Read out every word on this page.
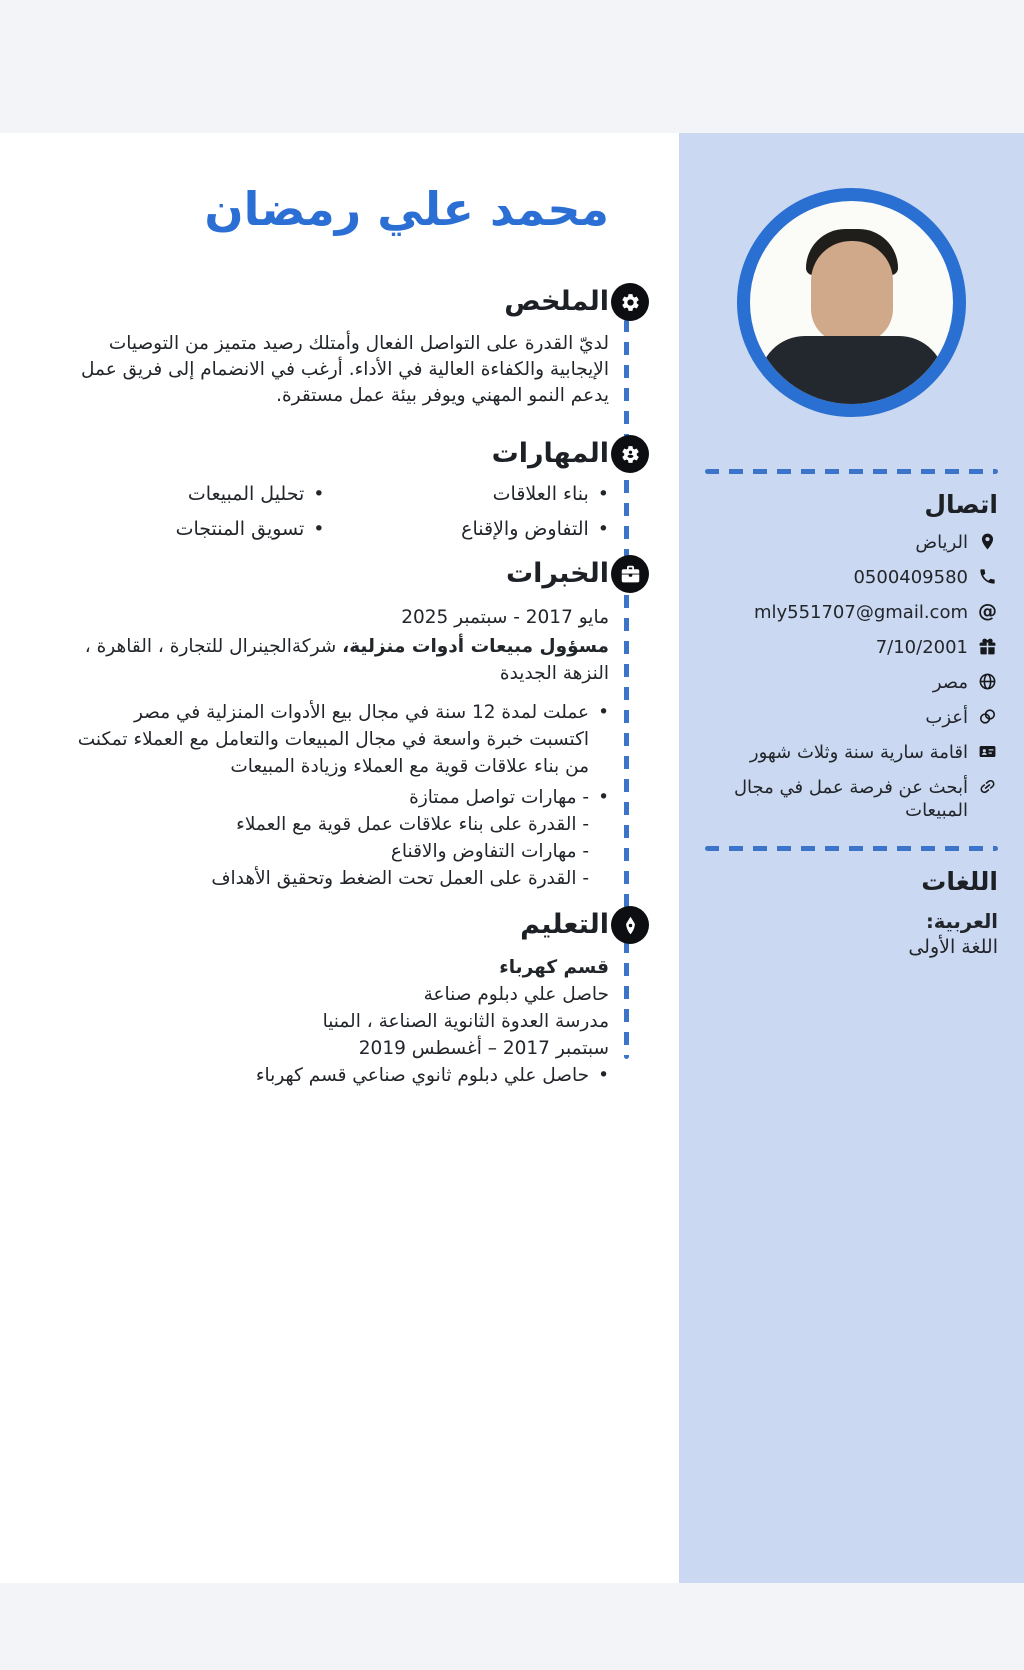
محمد علي رمضان
الملخص

لديّ القدرة على التواصل الفعال وأمتلك رصيد متميز من التوصيات الإيجابية والكفاءة العالية في الأداء. أرغب في الانضمام إلى فريق عمل يدعم النمو المهني ويوفر بيئة عمل مستقرة.

المهارات
•
بناء العلاقات
•
تحليل المبيعات
•
التفاوض والإقناع
•
تسويق المنتجات
الخبرات
مايو 2017 - سبتمبر 2025

مسؤول مبيعات أدوات منزلية، شركةالجينرال للتجارة ، القاهرة ، النزهة الجديدة

•
عملت لمدة 12 سنة في مجال بيع الأدوات المنزلية في مصر اكتسبت خبرة واسعة في مجال المبيعات والتعامل مع العملاء تمكنت من بناء علاقات قوية مع العملاء وزيادة المبيعات
•
- مهارات تواصل ممتازة
- القدرة على بناء علاقات عمل قوية مع العملاء
- مهارات التفاوض والاقناع
- القدرة على العمل تحت الضغط وتحقيق الأهداف
التعليم
قسم كهرباء
حاصل علي دبلوم صناعة
مدرسة العدوة الثانوية الصناعة ، المنيا
سبتمبر 2017 – أغسطس 2019
•
حاصل علي دبلوم ثانوي صناعي قسم كهرباء
اتصال
الرياض
0500409580
@
mly551707@gmail.com
7/10/2001
مصر
أعزب
اقامة سارية سنة وثلاث شهور
أبحث عن فرصة عمل في مجال المبيعات
اللغات
العربية:
اللغة الأولى
